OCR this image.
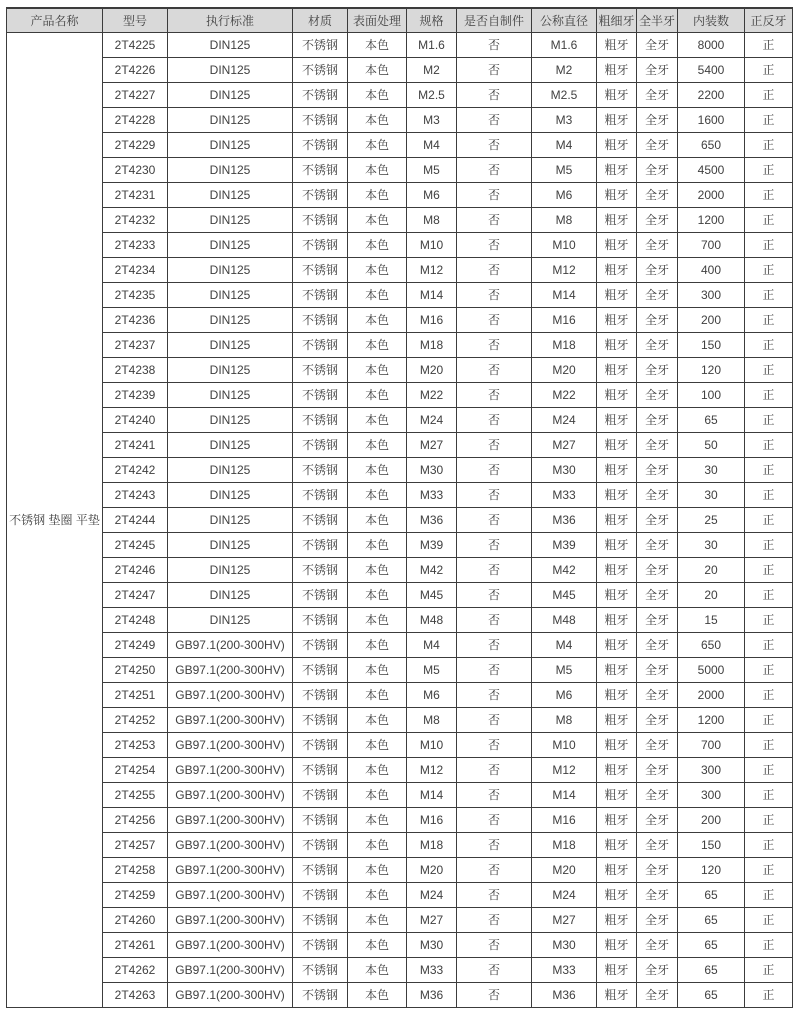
产品名称	型号	执行标准	材质	表面处理	规格	是否自制件	公称直径	粗细牙	全半牙	内装数	正反牙
不锈钢 垫圈 平垫	2T4225	DIN125	不锈钢	本色	M1.6	否	M1.6	粗牙	全牙	8000	正
	2T4226	DIN125	不锈钢	本色	M2	否	M2	粗牙	全牙	5400	正
	2T4227	DIN125	不锈钢	本色	M2.5	否	M2.5	粗牙	全牙	2200	正
	2T4228	DIN125	不锈钢	本色	M3	否	M3	粗牙	全牙	1600	正
	2T4229	DIN125	不锈钢	本色	M4	否	M4	粗牙	全牙	650	正
	2T4230	DIN125	不锈钢	本色	M5	否	M5	粗牙	全牙	4500	正
	2T4231	DIN125	不锈钢	本色	M6	否	M6	粗牙	全牙	2000	正
	2T4232	DIN125	不锈钢	本色	M8	否	M8	粗牙	全牙	1200	正
	2T4233	DIN125	不锈钢	本色	M10	否	M10	粗牙	全牙	700	正
	2T4234	DIN125	不锈钢	本色	M12	否	M12	粗牙	全牙	400	正
	2T4235	DIN125	不锈钢	本色	M14	否	M14	粗牙	全牙	300	正
	2T4236	DIN125	不锈钢	本色	M16	否	M16	粗牙	全牙	200	正
	2T4237	DIN125	不锈钢	本色	M18	否	M18	粗牙	全牙	150	正
	2T4238	DIN125	不锈钢	本色	M20	否	M20	粗牙	全牙	120	正
	2T4239	DIN125	不锈钢	本色	M22	否	M22	粗牙	全牙	100	正
	2T4240	DIN125	不锈钢	本色	M24	否	M24	粗牙	全牙	65	正
	2T4241	DIN125	不锈钢	本色	M27	否	M27	粗牙	全牙	50	正
	2T4242	DIN125	不锈钢	本色	M30	否	M30	粗牙	全牙	30	正
	2T4243	DIN125	不锈钢	本色	M33	否	M33	粗牙	全牙	30	正
	2T4244	DIN125	不锈钢	本色	M36	否	M36	粗牙	全牙	25	正
	2T4245	DIN125	不锈钢	本色	M39	否	M39	粗牙	全牙	30	正
	2T4246	DIN125	不锈钢	本色	M42	否	M42	粗牙	全牙	20	正
	2T4247	DIN125	不锈钢	本色	M45	否	M45	粗牙	全牙	20	正
	2T4248	DIN125	不锈钢	本色	M48	否	M48	粗牙	全牙	15	正
	2T4249	GB97.1(200-300HV)	不锈钢	本色	M4	否	M4	粗牙	全牙	650	正
	2T4250	GB97.1(200-300HV)	不锈钢	本色	M5	否	M5	粗牙	全牙	5000	正
	2T4251	GB97.1(200-300HV)	不锈钢	本色	M6	否	M6	粗牙	全牙	2000	正
	2T4252	GB97.1(200-300HV)	不锈钢	本色	M8	否	M8	粗牙	全牙	1200	正
	2T4253	GB97.1(200-300HV)	不锈钢	本色	M10	否	M10	粗牙	全牙	700	正
	2T4254	GB97.1(200-300HV)	不锈钢	本色	M12	否	M12	粗牙	全牙	300	正
	2T4255	GB97.1(200-300HV)	不锈钢	本色	M14	否	M14	粗牙	全牙	300	正
	2T4256	GB97.1(200-300HV)	不锈钢	本色	M16	否	M16	粗牙	全牙	200	正
	2T4257	GB97.1(200-300HV)	不锈钢	本色	M18	否	M18	粗牙	全牙	150	正
	2T4258	GB97.1(200-300HV)	不锈钢	本色	M20	否	M20	粗牙	全牙	120	正
	2T4259	GB97.1(200-300HV)	不锈钢	本色	M24	否	M24	粗牙	全牙	65	正
	2T4260	GB97.1(200-300HV)	不锈钢	本色	M27	否	M27	粗牙	全牙	65	正
	2T4261	GB97.1(200-300HV)	不锈钢	本色	M30	否	M30	粗牙	全牙	65	正
	2T4262	GB97.1(200-300HV)	不锈钢	本色	M33	否	M33	粗牙	全牙	65	正
	2T4263	GB97.1(200-300HV)	不锈钢	本色	M36	否	M36	粗牙	全牙	65	正
